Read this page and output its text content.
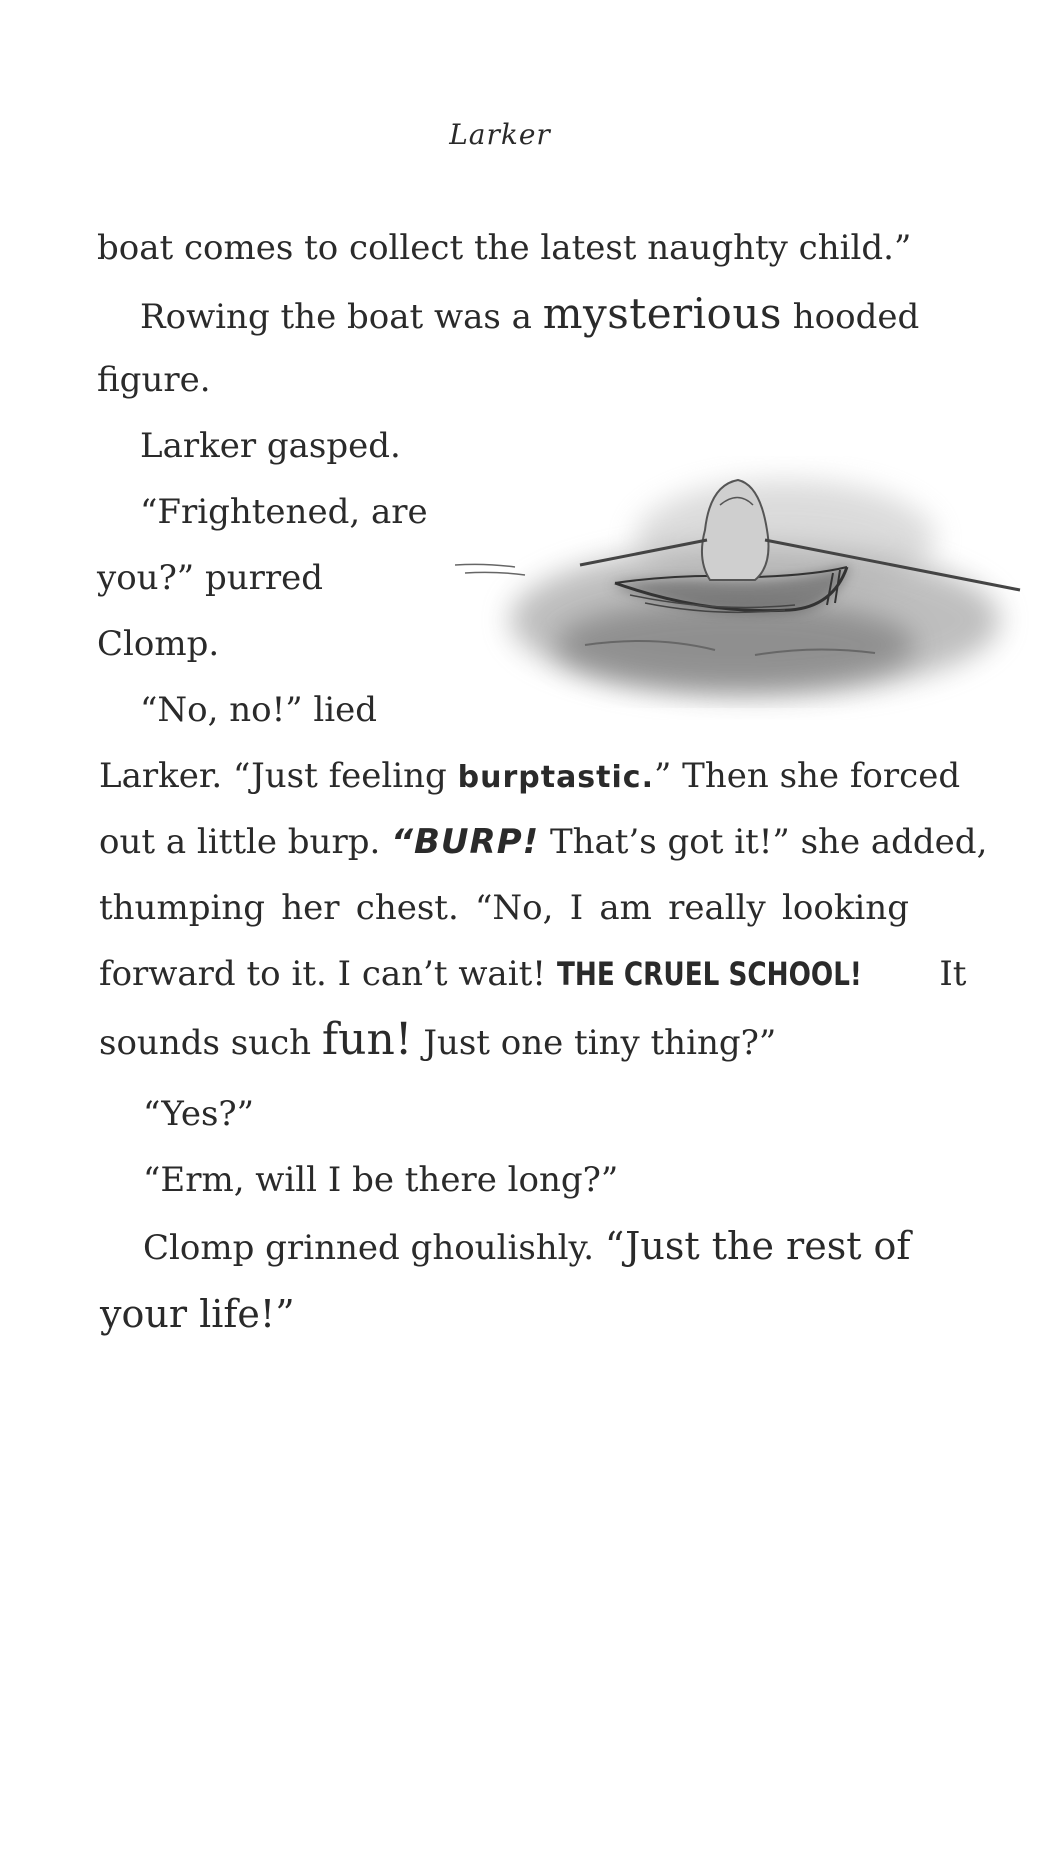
Larker
boat comes to collect the latest naughty child.”
Rowing the boat was a mysterious hooded
figure.
Larker gasped.
“Frightened, are
you?” purred
Clomp.
“No, no!” lied
Larker. “Just feeling burptastic.” Then she forced
out a little burp. “BURP! That’s got it!” she added,
thumping her chest. “No, I am really looking
forward to it. I can’t wait! THE CRUEL SCHOOL! It
sounds such fun! Just one tiny thing?”
“Yes?”
“Erm, will I be there long?”
Clomp grinned ghoulishly. “Just the rest of
your life!”
